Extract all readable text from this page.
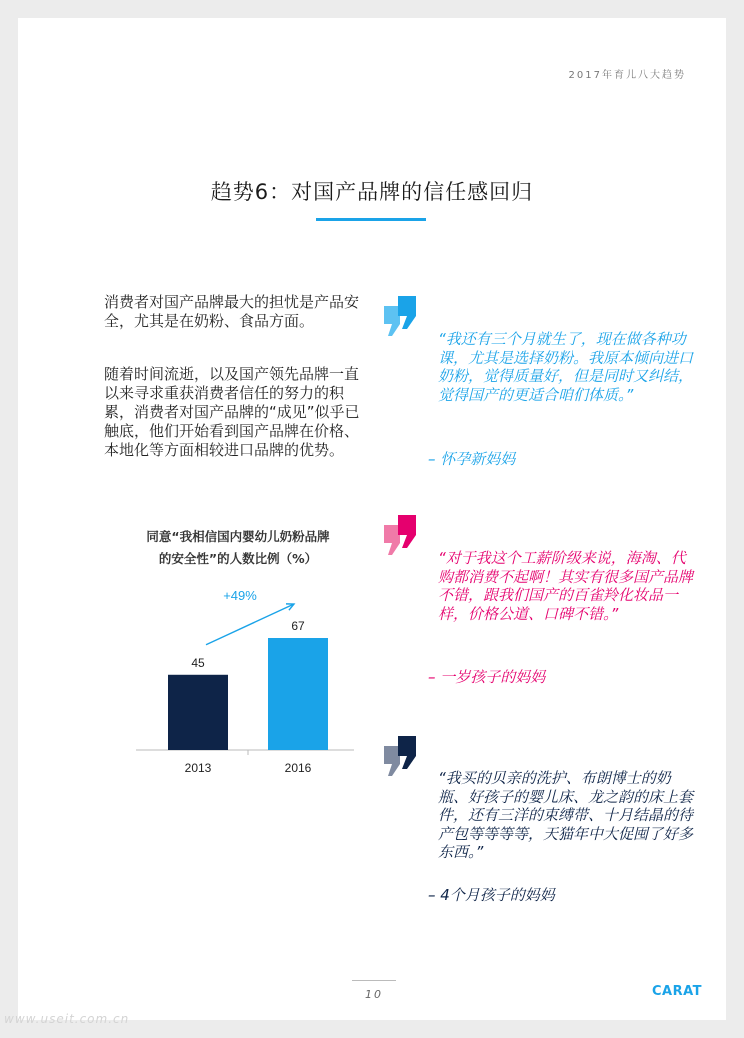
2017年育儿八大趋势
趋势6：对国产品牌的信任感回归
消费者对国产品牌最大的担忧是产品安全，尤其是在奶粉、食品方面。
随着时间流逝，以及国产领先品牌一直以来寻求重获消费者信任的努力的积累，消费者对国产品牌的“成见”似乎已触底，他们开始看到国产品牌在价格、本地化等方面相较进口品牌的优势。
同意“我相信国内婴幼儿奶粉品牌
的安全性”的人数比例（%）
45
2013
67
2016
+49%
“我还有三个月就生了，现在做各种功课，尤其是选择奶粉。我原本倾向进口奶粉，觉得质量好，但是同时又纠结，觉得国产的更适合咱们体质。”
– 怀孕新妈妈
“对于我这个工薪阶级来说，海淘、代购都消费不起啊！其实有很多国产品牌不错，跟我们国产的百雀羚化妆品一样，价格公道、口碑不错。”
– 一岁孩子的妈妈
“我买的贝亲的洗护、布朗博士的奶瓶、好孩子的婴儿床、龙之韵的床上套件，还有三洋的束缚带、十月结晶的待产包等等等等，天猫年中大促囤了好多东西。”
– 4个月孩子的妈妈
10	CARAT
www.useit.com.cn
